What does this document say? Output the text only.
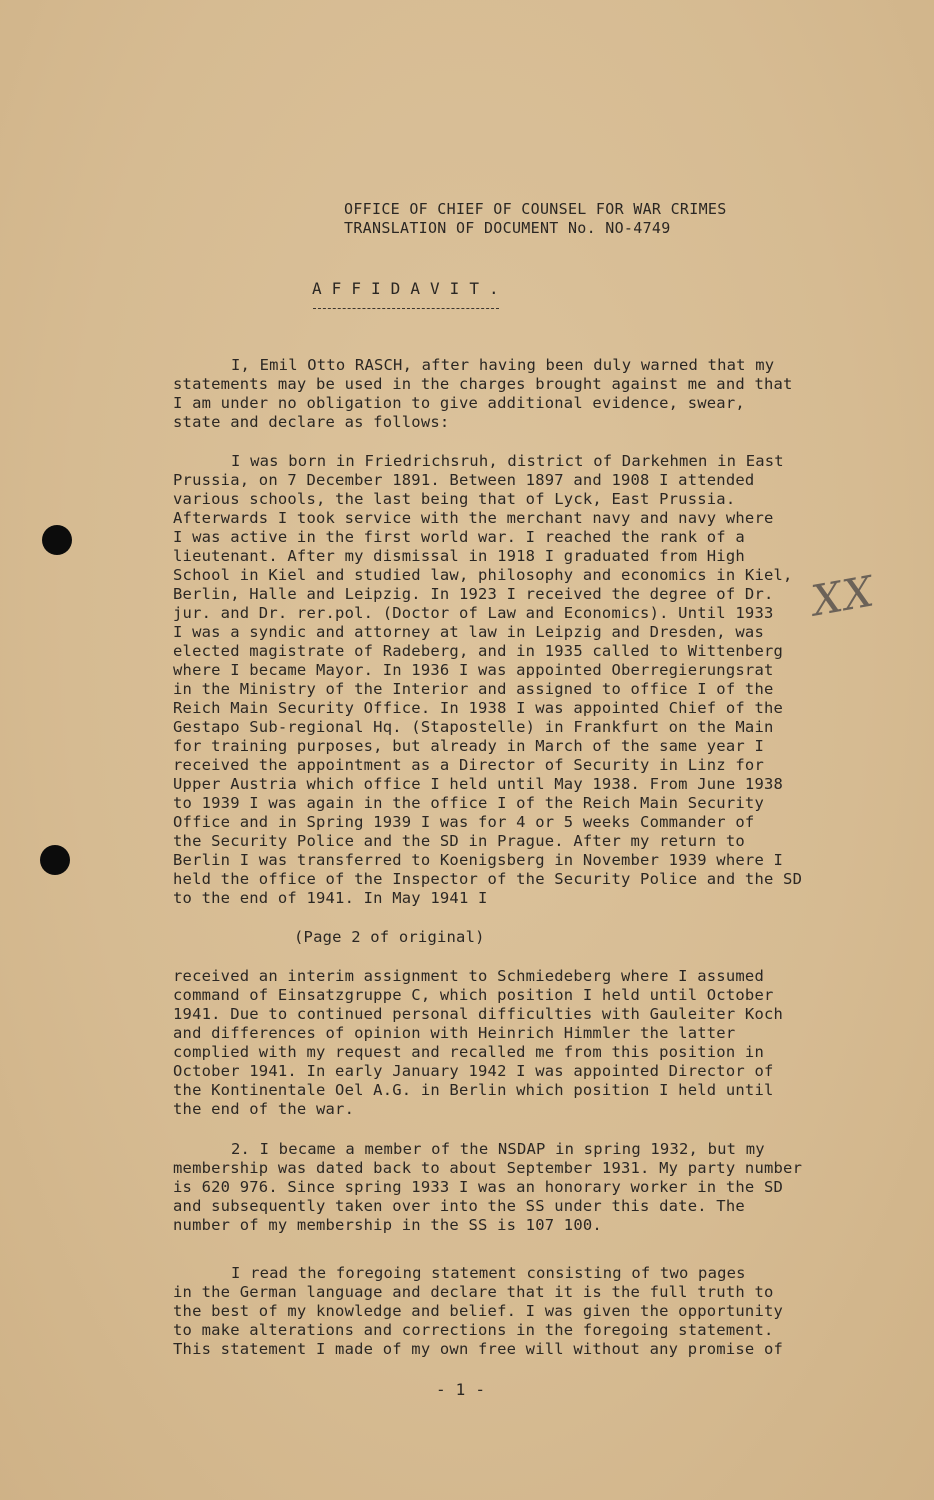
OFFICE OF CHIEF OF COUNSEL FOR WAR CRIMES
TRANSLATION OF DOCUMENT No. NO-4749
A F F I D A V I T .
I, Emil Otto RASCH, after having been duly warned that my
statements may be used in the charges brought against me and that
I am under no obligation to give additional evidence, swear,
state and declare as follows:
I was born in Friedrichsruh, district of Darkehmen in East
Prussia, on 7 December 1891. Between 1897 and 1908 I attended
various schools, the last being that of Lyck, East Prussia.
Afterwards I took service with the merchant navy and navy where
I was active in the first world war. I reached the rank of a
lieutenant. After my dismissal in 1918 I graduated from High
School in Kiel and studied law, philosophy and economics in Kiel,
Berlin, Halle and Leipzig. In 1923 I received the degree of Dr.
jur. and Dr. rer.pol. (Doctor of Law and Economics). Until 1933
I was a syndic and attorney at law in Leipzig and Dresden, was
elected magistrate of Radeberg, and in 1935 called to Wittenberg
where I became Mayor. In 1936 I was appointed Oberregierungsrat
in the Ministry of the Interior and assigned to office I of the
Reich Main Security Office. In 1938 I was appointed Chief of the
Gestapo Sub-regional Hq. (Stapostelle) in Frankfurt on the Main
for training purposes, but already in March of the same year I
received the appointment as a Director of Security in Linz for
Upper Austria which office I held until May 1938. From June 1938
to 1939 I was again in the office I of the Reich Main Security
Office and in Spring 1939 I was for 4 or 5 weeks Commander of
the Security Police and the SD in Prague. After my return to
Berlin I was transferred to Koenigsberg in November 1939 where I
held the office of the Inspector of the Security Police and the SD
to the end of 1941. In May 1941 I
X X
(Page 2 of original)
received an interim assignment to Schmiedeberg where I assumed
command of Einsatzgruppe C, which position I held until October
1941. Due to continued personal difficulties with Gauleiter Koch
and differences of opinion with Heinrich Himmler the latter
complied with my request and recalled me from this position in
October 1941. In early January 1942 I was appointed Director of
the Kontinentale Oel A.G. in Berlin which position I held until
the end of the war.
2. I became a member of the NSDAP in spring 1932, but my
membership was dated back to about September 1931. My party number
is 620 976. Since spring 1933 I was an honorary worker in the SD
and subsequently taken over into the SS under this date. The
number of my membership in the SS is 107 100.
I read the foregoing statement consisting of two pages
in the German language and declare that it is the full truth to
the best of my knowledge and belief. I was given the opportunity
to make alterations and corrections in the foregoing statement.
This statement I made of my own free will without any promise of
- 1 -
